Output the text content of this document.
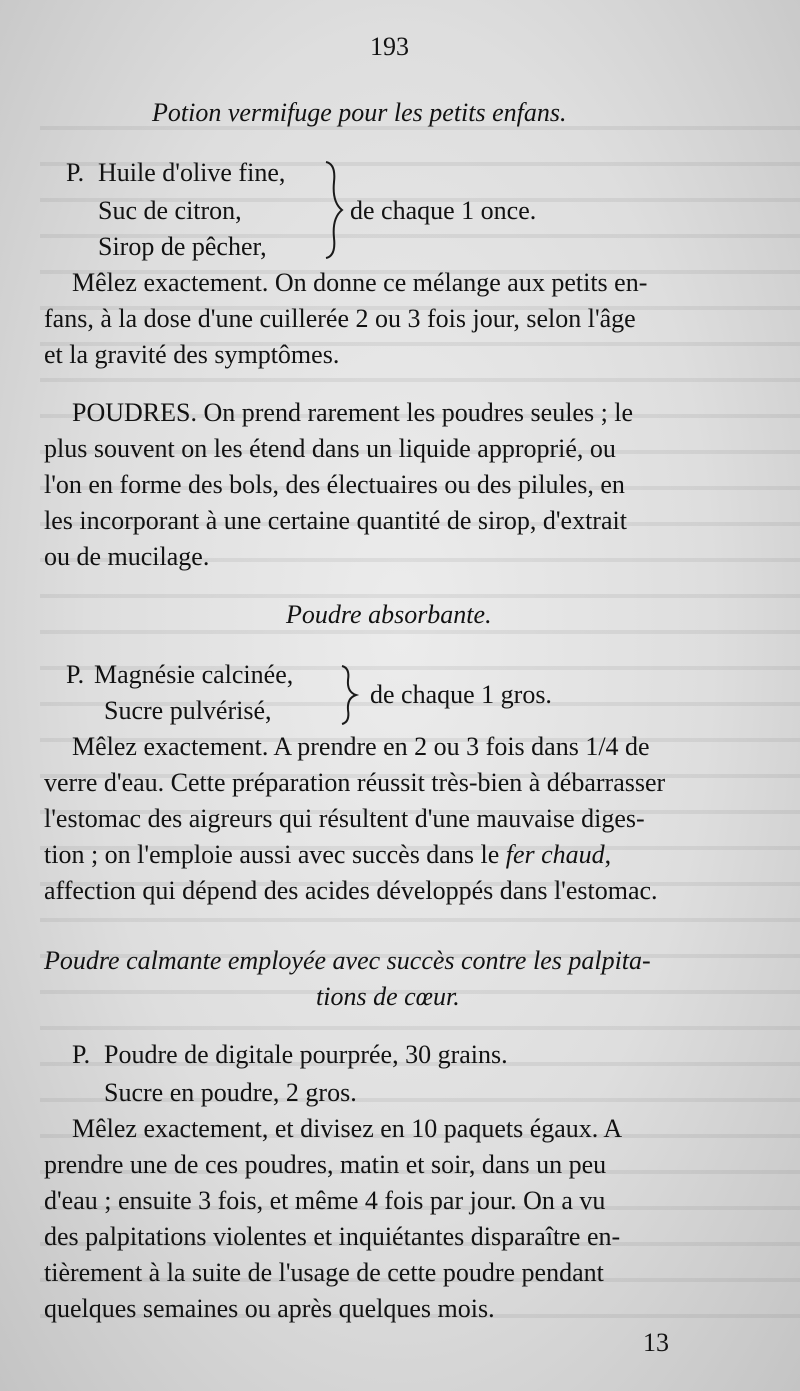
193
Potion vermifuge pour les petits enfans.
P. Huile d'olive fine,
Suc de citron,
Sirop de pêcher,
de chaque 1 once.
Mêlez exactement. On donne ce mélange aux petits en-
fans, à la dose d'une cuillerée 2 ou 3 fois jour, selon l'âge
et la gravité des symptômes.
POUDRES. On prend rarement les poudres seules ; le
plus souvent on les étend dans un liquide approprié, ou
l'on en forme des bols, des électuaires ou des pilules, en
les incorporant à une certaine quantité de sirop, d'extrait
ou de mucilage.
Poudre absorbante.
P. Magnésie calcinée,
Sucre pulvérisé,
de chaque 1 gros.
Mêlez exactement. A prendre en 2 ou 3 fois dans 1/4 de
verre d'eau. Cette préparation réussit très-bien à débarrasser
l'estomac des aigreurs qui résultent d'une mauvaise diges-
tion ; on l'emploie aussi avec succès dans le fer chaud,
affection qui dépend des acides développés dans l'estomac.
Poudre calmante employée avec succès contre les palpita-
tions de cœur.
P. Poudre de digitale pourprée, 30 grains.
Sucre en poudre, 2 gros.
Mêlez exactement, et divisez en 10 paquets égaux. A
prendre une de ces poudres, matin et soir, dans un peu
d'eau ; ensuite 3 fois, et même 4 fois par jour. On a vu
des palpitations violentes et inquiétantes disparaître en-
tièrement à la suite de l'usage de cette poudre pendant
quelques semaines ou après quelques mois.
13
